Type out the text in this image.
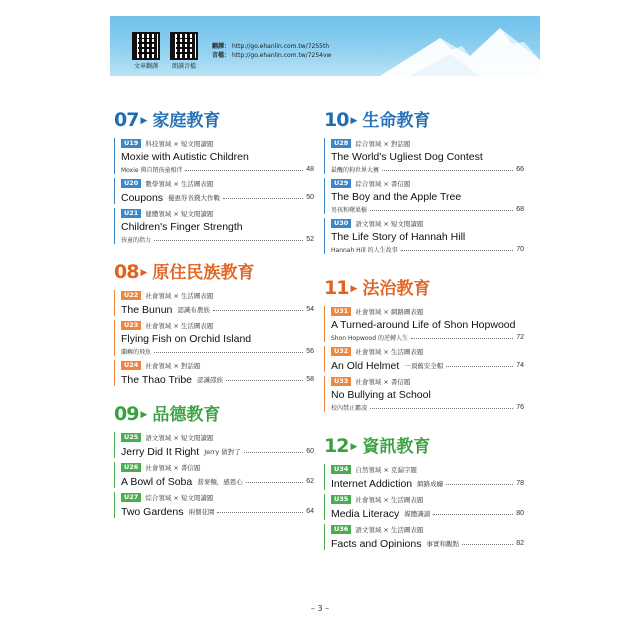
文章翻譯	朗讀音檔
翻譯： http://go.ehanlin.com.tw/7255th
音檔： http://go.ehanlin.com.tw/7254vw
07 ▶ 家庭教育
U19	科技領域 × 短文閱讀題
Moxie with Autistic Children
Moxie 與自閉孩童相伴	48
U20	數學領域 × 生活圖表題
Coupons 優惠券省錢大作戰	50
U21	健體領域 × 短文閱讀題
Children's Finger Strength
孩童的指力	52
08 ▶ 原住民族教育
U22	社會領域 × 生活圖表題
The Bunun 認識布農族	54
U23	社會領域 × 生活圖表題
Flying Fish on Orchid Island
蘭嶼的飛魚	56
U24	社會領域 × 對話題
The Thao Tribe 認識邵族	58
09 ▶ 品德教育
U25	語文領域 × 短文閱讀題
Jerry Did It Right Jerry 做對了	60
U26	社會領域 × 書信題
A Bowl of Soba 蕎麥麵，感恩心	62
U27	綜合領域 × 短文閱讀題
Two Gardens 兩個花園	64
10 ▶ 生命教育
U28	綜合領域 × 對話題
The World's Ugliest Dog Contest
最醜的狗世界大賽	66
U29	綜合領域 × 書信題
The Boy and the Apple Tree
男孩和蘋果樹	68
U30	語文領域 × 短文閱讀題
The Life Story of Hannah Hill
Hannah Hill 的人生故事	70
11 ▶ 法治教育
U31	社會領域 × 網路圖表題
A Turned-around Life of Shon Hopwood
Shon Hopwood 的逆轉人生	72
U32	社會領域 × 生活圖表題
An Old Helmet 一頂舊安全帽	74
U33	社會領域 × 書信題
No Bullying at School
校內禁止霸凌	76
12 ▶ 資訊教育
U34	自然領域 × 克漏字題
Internet Addiction 網路成癮	78
U35	社會領域 × 生活圖表題
Media Literacy 媒體識讀	80
U36	語文領域 × 生活圖表題
Facts and Opinions 事實和觀點	82
– 3 –
